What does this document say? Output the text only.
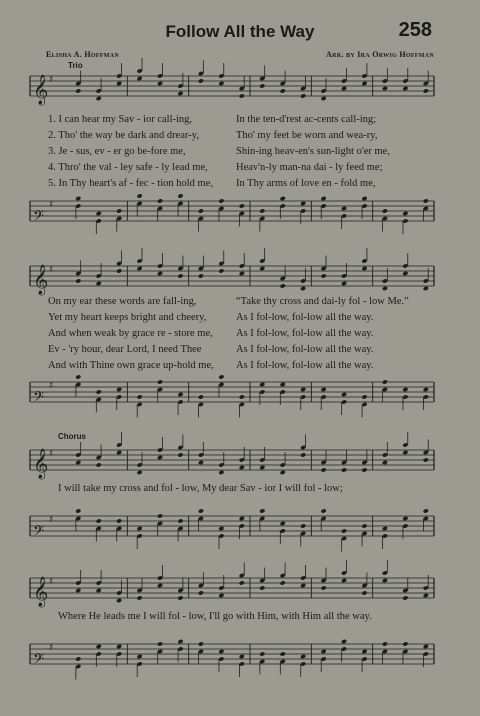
Follow All the Way	258
Elisha A. Hoffman	Arr. by Ira Orwig Hoffman
Trio
𝄞 ♯
1. I can hear my Sav - ior call-ing,	In the ten-d'rest ac-cents call-ing;
2. Tho' the way be dark and drear-y,	Tho' my feet be worn and wea-ry,
3. Je - sus, ev - er go be-fore me,	Shin-ing heav-en's sun-light o'er me,
4. Thro' the val - ley safe - ly lead me,	Heav'n-ly man-na dai - ly feed me;
5. In Thy heart's af - fec - tion hold me,	In Thy arms of love en - fold me,
𝄢
♯
𝄞 ♯
On my ear these words are fall-ing,	“Take thy cross and dai-ly fol - low Me.”
Yet my heart keeps bright and cheery,	As I fol-low, fol-low all the way.
And when weak by grace re - store me,	As I fol-low, fol-low all the way.
Ev - 'ry hour, dear Lord, I need Thee	As I fol-low, fol-low all the way.
And with Thine own grace up-hold me,	As I fol-low, fol-low all the way.
𝄢
♯
Chorus
𝄞 ♯
I will take my cross and fol - low, My dear Sav - ior I will fol - low;
𝄢
♯
𝄞 ♯
Where He leads me I will fol - low, I'll go with Him, with Him all the way.
𝄢
♯
